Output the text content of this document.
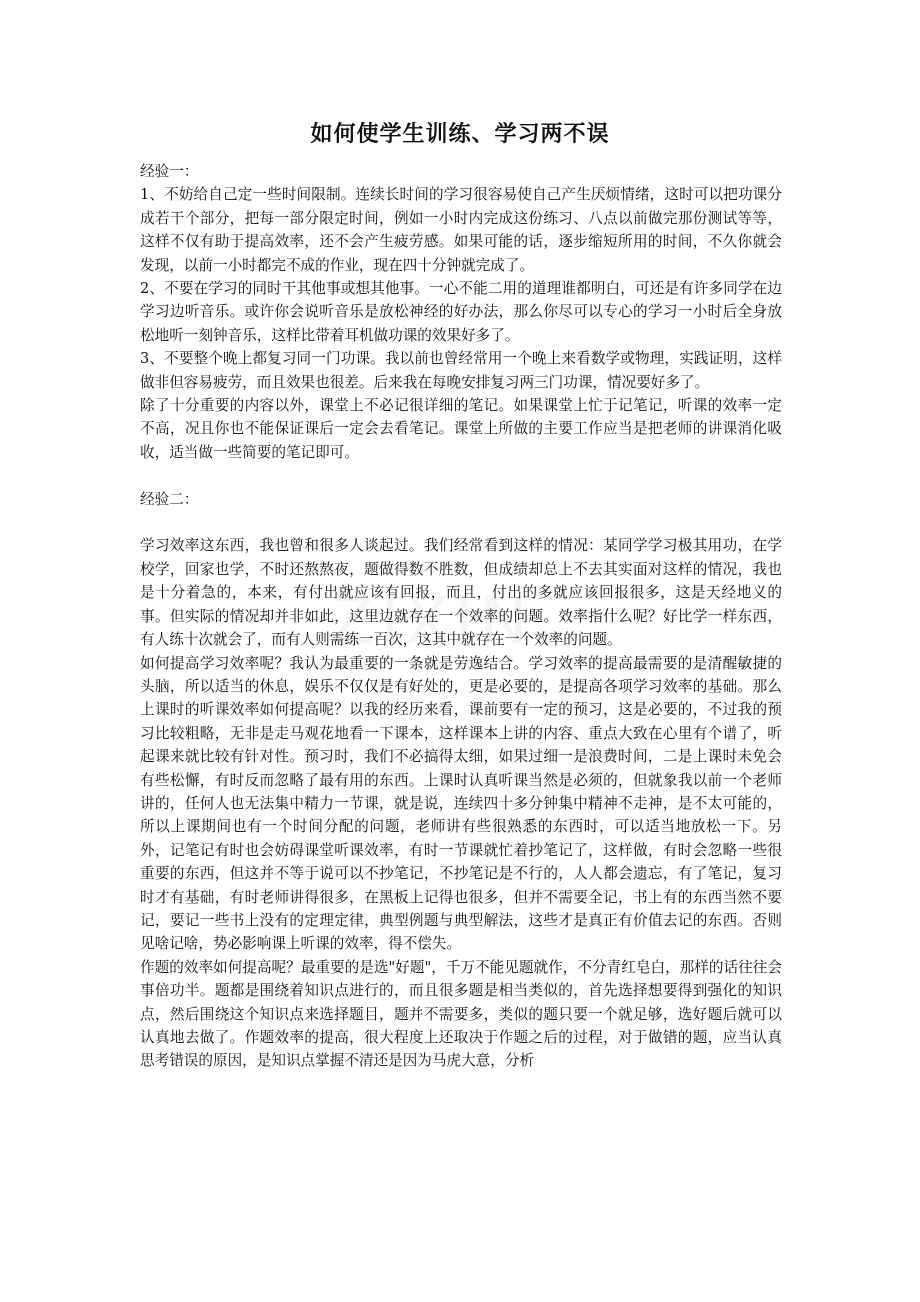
如何使学生训练、学习两不误

经验一：

1、不妨给自己定一些时间限制。连续长时间的学习很容易使自己产生厌烦情绪，这时可以把功课分成若干个部分，把每一部分限定时间，例如一小时内完成这份练习、八点以前做完那份测试等等，这样不仅有助于提高效率，还不会产生疲劳感。如果可能的话，逐步缩短所用的时间，不久你就会发现，以前一小时都完不成的作业，现在四十分钟就完成了。

2、不要在学习的同时干其他事或想其他事。一心不能二用的道理谁都明白，可还是有许多同学在边学习边听音乐。或许你会说听音乐是放松神经的好办法，那么你尽可以专心的学习一小时后全身放松地听一刻钟音乐，这样比带着耳机做功课的效果好多了。

3、不要整个晚上都复习同一门功课。我以前也曾经常用一个晚上来看数学或物理，实践证明，这样做非但容易疲劳，而且效果也很差。后来我在每晚安排复习两三门功课，情况要好多了。

除了十分重要的内容以外，课堂上不必记很详细的笔记。如果课堂上忙于记笔记，听课的效率一定不高，况且你也不能保证课后一定会去看笔记。课堂上所做的主要工作应当是把老师的讲课消化吸收，适当做一些简要的笔记即可。

经验二：

学习效率这东西，我也曾和很多人谈起过。我们经常看到这样的情况：某同学学习极其用功，在学校学，回家也学，不时还熬熬夜，题做得数不胜数，但成绩却总上不去其实面对这样的情况，我也是十分着急的，本来，有付出就应该有回报，而且，付出的多就应该回报很多，这是天经地义的事。但实际的情况却并非如此，这里边就存在一个效率的问题。效率指什么呢？好比学一样东西，有人练十次就会了，而有人则需练一百次，这其中就存在一个效率的问题。

如何提高学习效率呢？我认为最重要的一条就是劳逸结合。学习效率的提高最需要的是清醒敏捷的头脑，所以适当的休息，娱乐不仅仅是有好处的，更是必要的，是提高各项学习效率的基础。那么上课时的听课效率如何提高呢？以我的经历来看，课前要有一定的预习，这是必要的，不过我的预习比较粗略，无非是走马观花地看一下课本，这样课本上讲的内容、重点大致在心里有个谱了，听起课来就比较有针对性。预习时，我们不必搞得太细，如果过细一是浪费时间，二是上课时未免会有些松懈，有时反而忽略了最有用的东西。上课时认真听课当然是必须的，但就象我以前一个老师讲的，任何人也无法集中精力一节课，就是说，连续四十多分钟集中精神不走神，是不太可能的，所以上课期间也有一个时间分配的问题，老师讲有些很熟悉的东西时，可以适当地放松一下。另外，记笔记有时也会妨碍课堂听课效率，有时一节课就忙着抄笔记了，这样做，有时会忽略一些很重要的东西，但这并不等于说可以不抄笔记，不抄笔记是不行的，人人都会遗忘，有了笔记，复习时才有基础，有时老师讲得很多，在黑板上记得也很多，但并不需要全记，书上有的东西当然不要记，要记一些书上没有的定理定律，典型例题与典型解法，这些才是真正有价值去记的东西。否则见啥记啥，势必影响课上听课的效率，得不偿失。

作题的效率如何提高呢？最重要的是选"好题"，千万不能见题就作，不分青红皂白，那样的话往往会事倍功半。题都是围绕着知识点进行的，而且很多题是相当类似的，首先选择想要得到强化的知识点，然后围绕这个知识点来选择题目，题并不需要多，类似的题只要一个就足够，选好题后就可以认真地去做了。作题效率的提高，很大程度上还取决于作题之后的过程，对于做错的题，应当认真思考错误的原因，是知识点掌握不清还是因为马虎大意，分析
